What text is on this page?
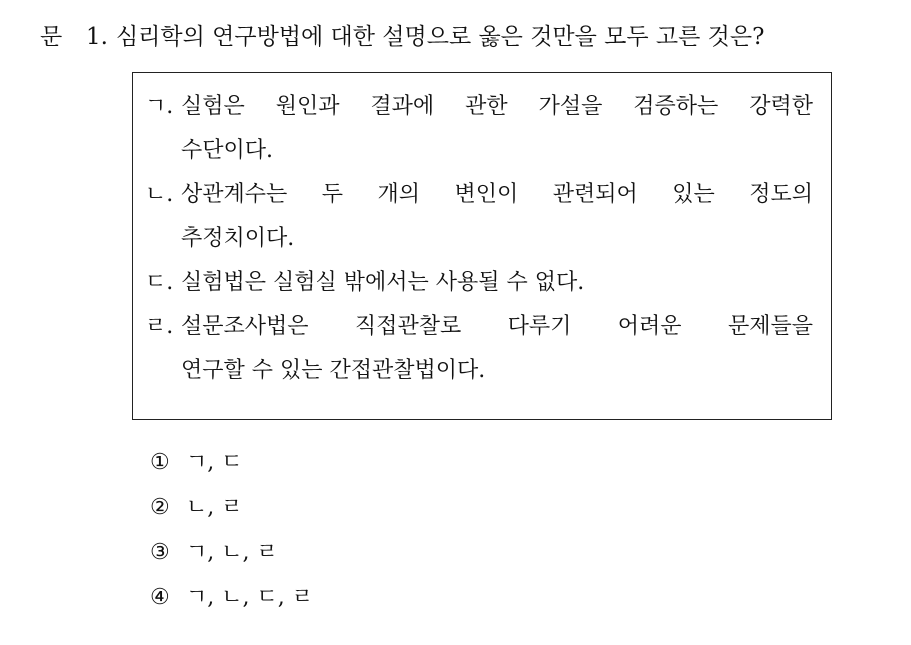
문 1. 심리학의 연구방법에 대한 설명으로 옳은 것만을 모두 고른 것은?
ㄱ. 실험은 원인과 결과에 관한 가설을 검증하는 강력한
수단이다.
ㄴ. 상관계수는 두 개의 변인이 관련되어 있는 정도의
추정치이다.
ㄷ. 실험법은 실험실 밖에서는 사용될 수 없다.
ㄹ. 설문조사법은 직접관찰로 다루기 어려운 문제들을
연구할 수 있는 간접관찰법이다.
① ㄱ, ㄷ
② ㄴ, ㄹ
③ ㄱ, ㄴ, ㄹ
④ ㄱ, ㄴ, ㄷ, ㄹ
